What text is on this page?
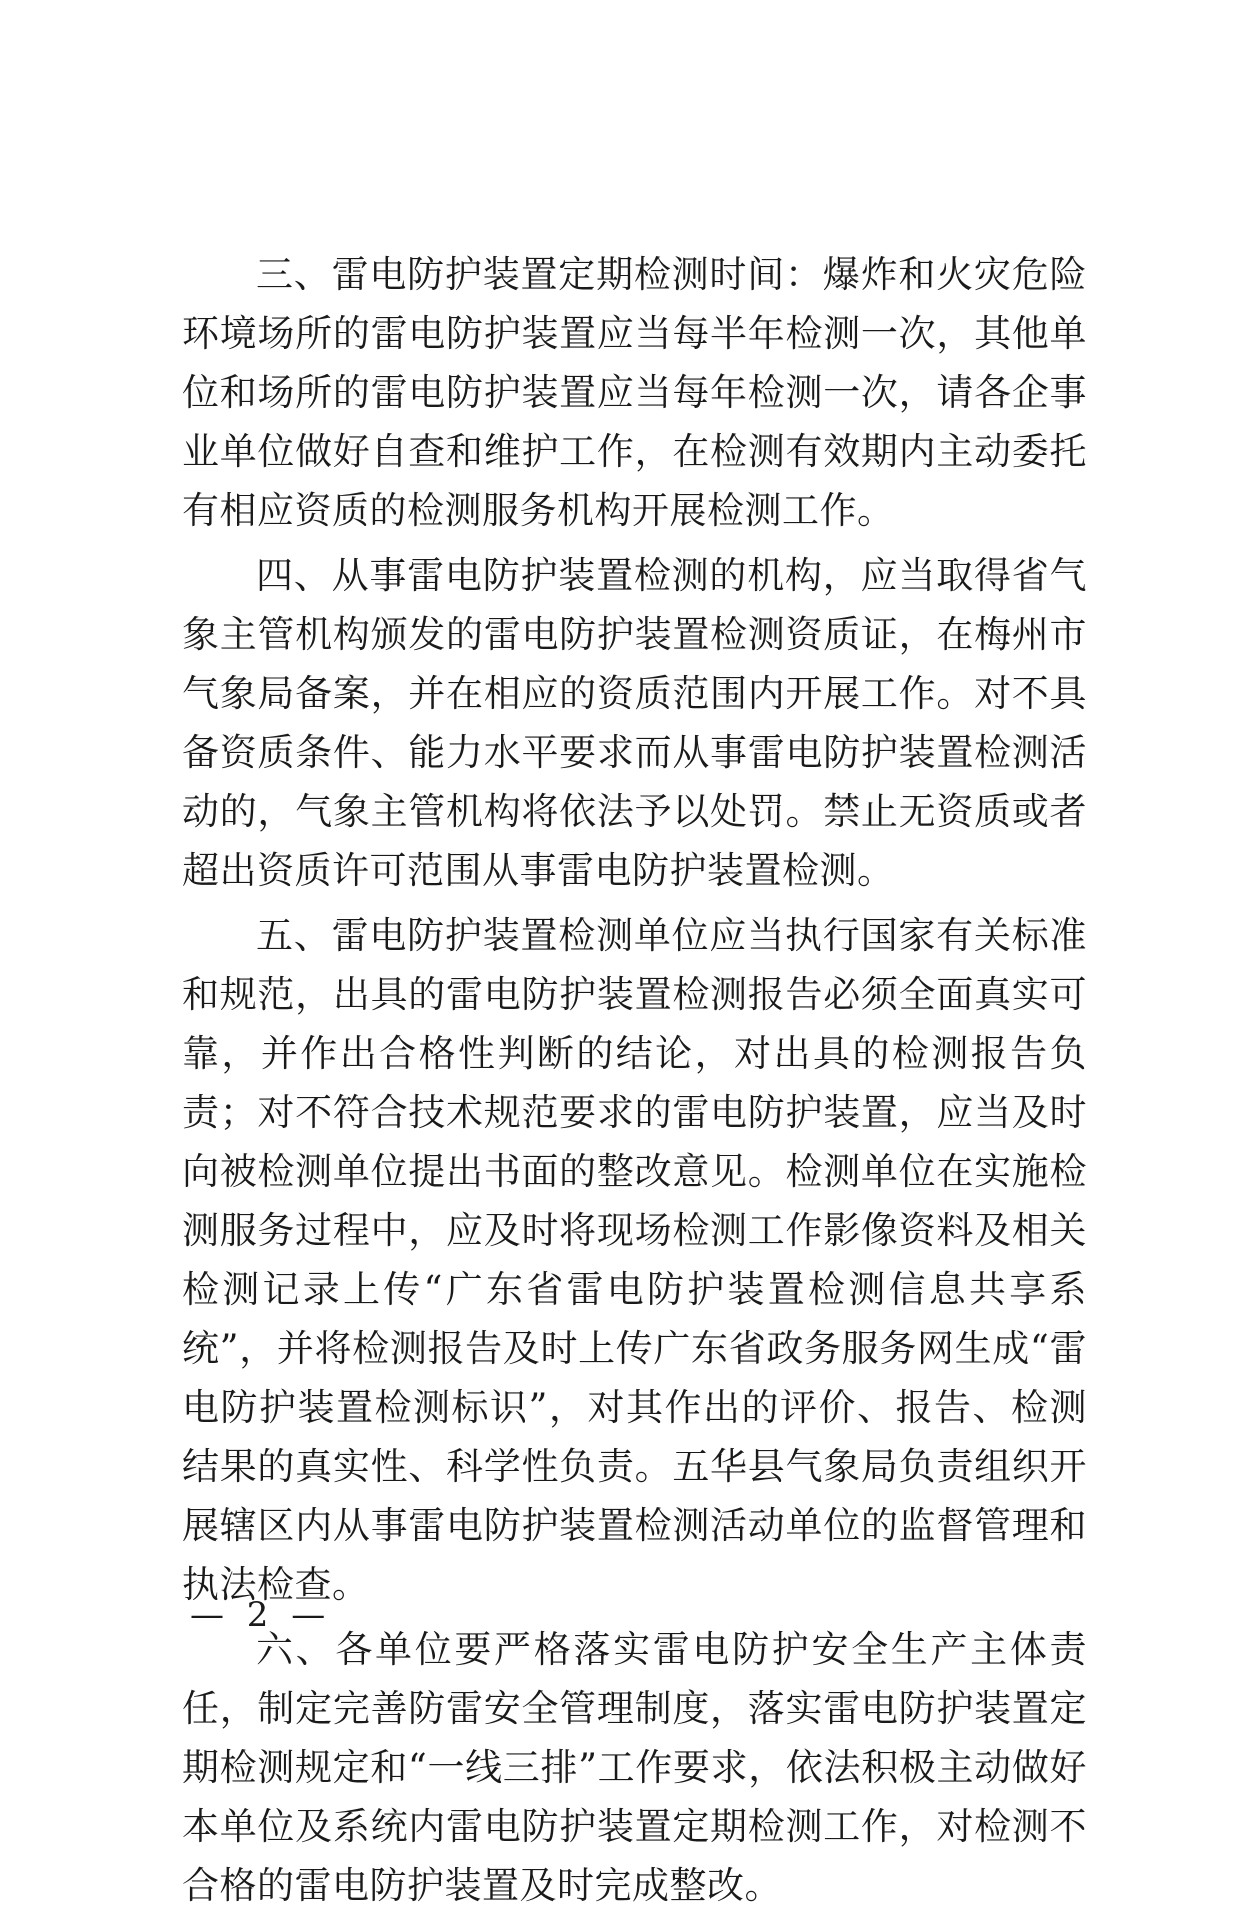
三、雷电防护装置定期检测时间：爆炸和火灾危险环境场所的雷电防护装置应当每半年检测一次，其他单位和场所的雷电防护装置应当每年检测一次，请各企事业单位做好自查和维护工作，在检测有效期内主动委托有相应资质的检测服务机构开展检测工作。

四、从事雷电防护装置检测的机构，应当取得省气象主管机构颁发的雷电防护装置检测资质证，在梅州市气象局备案，并在相应的资质范围内开展工作。对不具备资质条件、能力水平要求而从事雷电防护装置检测活动的，气象主管机构将依法予以处罚。禁止无资质或者超出资质许可范围从事雷电防护装置检测。

五、雷电防护装置检测单位应当执行国家有关标准和规范，出具的雷电防护装置检测报告必须全面真实可靠，并作出合格性判断的结论，对出具的检测报告负责；对不符合技术规范要求的雷电防护装置，应当及时向被检测单位提出书面的整改意见。检测单位在实施检测服务过程中，应及时将现场检测工作影像资料及相关检测记录上传“广东省雷电防护装置检测信息共享系统”，并将检测报告及时上传广东省政务服务网生成“雷电防护装置检测标识”，对其作出的评价、报告、检测结果的真实性、科学性负责。五华县气象局负责组织开展辖区内从事雷电防护装置检测活动单位的监督管理和执法检查。

六、各单位要严格落实雷电防护安全生产主体责任，制定完善防雷安全管理制度，落实雷电防护装置定期检测规定和“一线三排”工作要求，依法积极主动做好本单位及系统内雷电防护装置定期检测工作，对检测不合格的雷电防护装置及时完成整改。

— 2 —
